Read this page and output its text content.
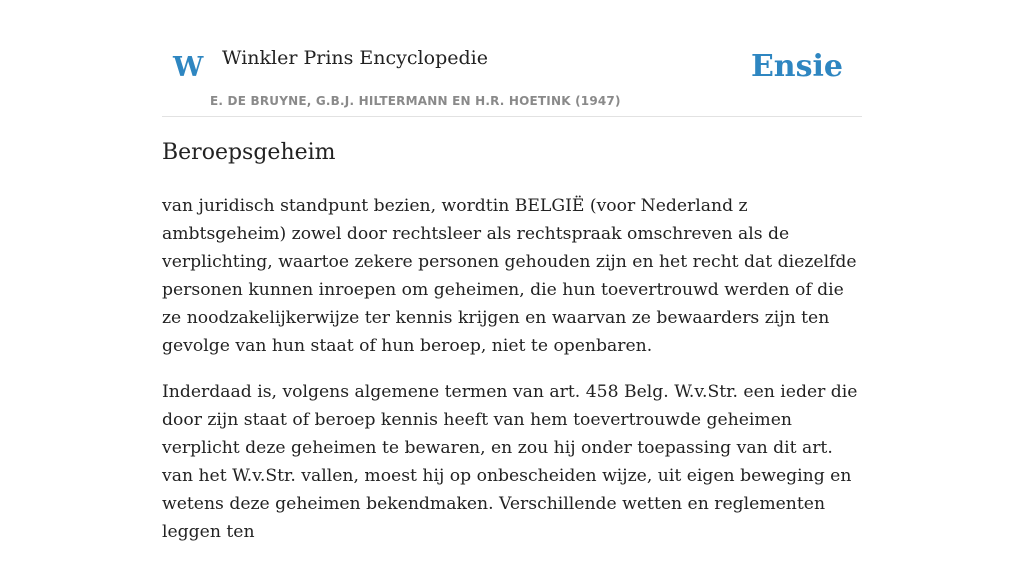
W Winkler Prins Encyclopedie
E. DE BRUYNE, G.B.J. HILTERMANN EN H.R. HOETINK (1947)
Ensie
Beroepsgeheim

van juridisch standpunt bezien, wordtin BELGIË (voor Nederland z ambtsgeheim) zowel door rechtsleer als rechtspraak omschreven als de verplichting, waartoe zekere personen gehouden zijn en het recht dat diezelfde personen kunnen inroepen om geheimen, die hun toevertrouwd werden of die ze noodzakelijkerwijze ter kennis krijgen en waarvan ze bewaarders zijn ten gevolge van hun staat of hun beroep, niet te openbaren.

Inderdaad is, volgens algemene termen van art. 458 Belg. W.v.Str. een ieder die door zijn staat of beroep kennis heeft van hem toevertrouwde geheimen verplicht deze geheimen te bewaren, en zou hij onder toepassing van dit art. van het W.v.Str. vallen, moest hij op onbescheiden wijze, uit eigen beweging en wetens deze geheimen bekendmaken. Verschillende wetten en reglementen leggen ten
